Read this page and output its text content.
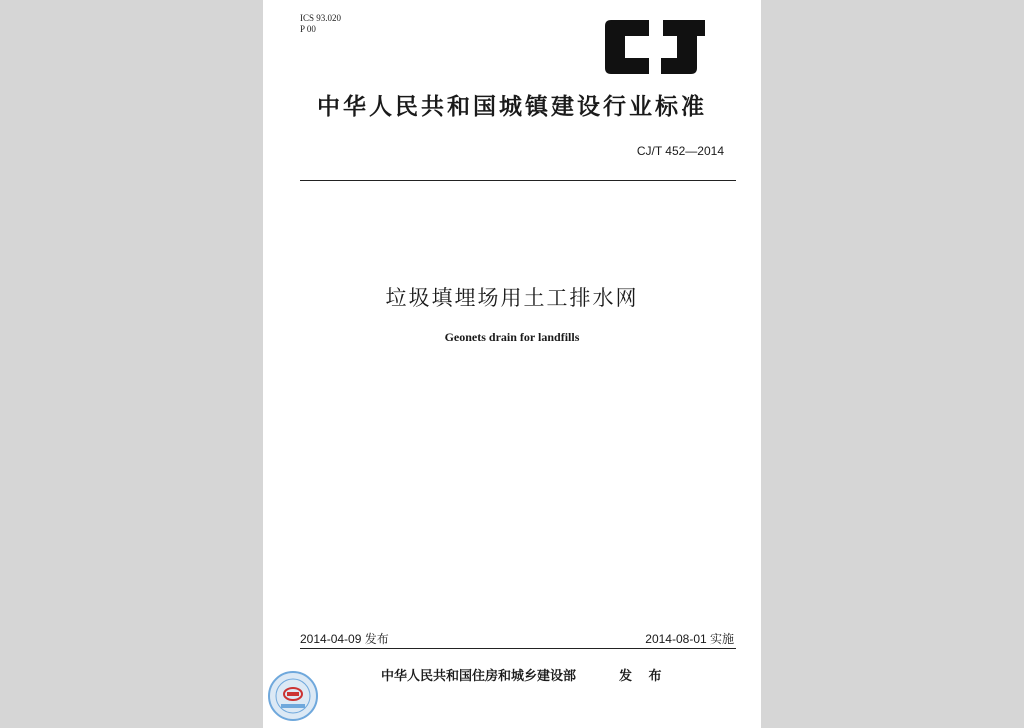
ICS 93.020
P 00
中华人民共和国城镇建设行业标准
CJ/T 452—2014
垃圾填埋场用土工排水网
Geonets drain for landfills
2014-04-09 发布	2014-08-01 实施
中华人民共和国住房和城乡建设部	发 布
